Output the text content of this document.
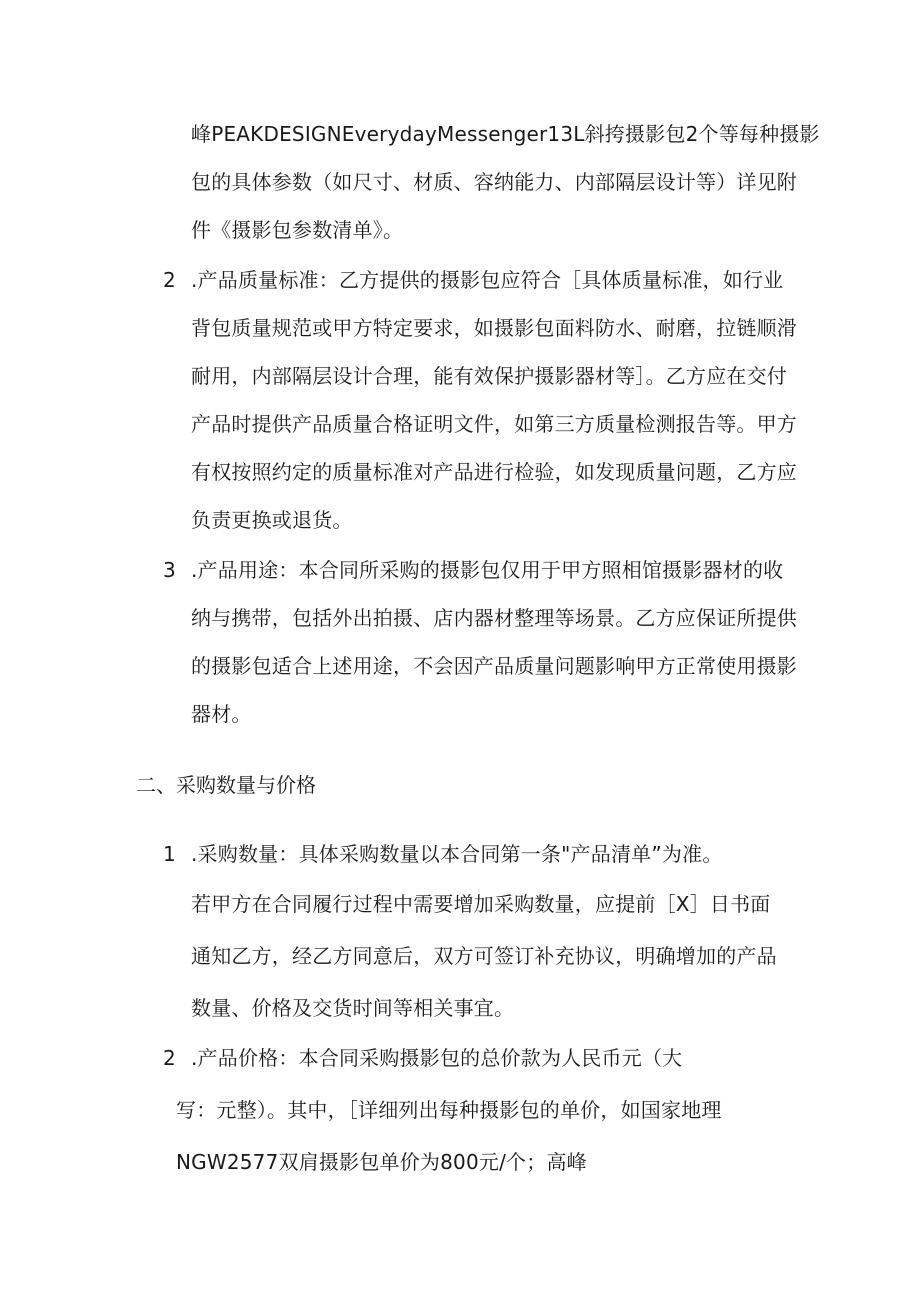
峰PEAKDESIGNEverydayMessenger13L斜挎摄影包2个等每种摄影
包的具体参数（如尺寸、材质、容纳能力、内部隔层设计等）详见附
件《摄影包参数清单》。

2 .产品质量标准：乙方提供的摄影包应符合［具体质量标准，如行业
背包质量规范或甲方特定要求，如摄影包面料防水、耐磨，拉链顺滑
耐用，内部隔层设计合理，能有效保护摄影器材等］。乙方应在交付
产品时提供产品质量合格证明文件，如第三方质量检测报告等。甲方
有权按照约定的质量标准对产品进行检验，如发现质量问题，乙方应
负责更换或退货。

3 .产品用途：本合同所采购的摄影包仅用于甲方照相馆摄影器材的收
纳与携带，包括外出拍摄、店内器材整理等场景。乙方应保证所提供
的摄影包适合上述用途，不会因产品质量问题影响甲方正常使用摄影
器材。

二、采购数量与价格

1 .采购数量：具体采购数量以本合同第一条"产品清单”为准。
若甲方在合同履行过程中需要增加采购数量，应提前［X］日书面
通知乙方，经乙方同意后，双方可签订补充协议，明确增加的产品
数量、价格及交货时间等相关事宜。

2 .产品价格：本合同采购摄影包的总价款为人民币元（大
写：元整）。其中，［详细列出每种摄影包的单价，如国家地理
NGW2577双肩摄影包单价为800元/个；高峰
